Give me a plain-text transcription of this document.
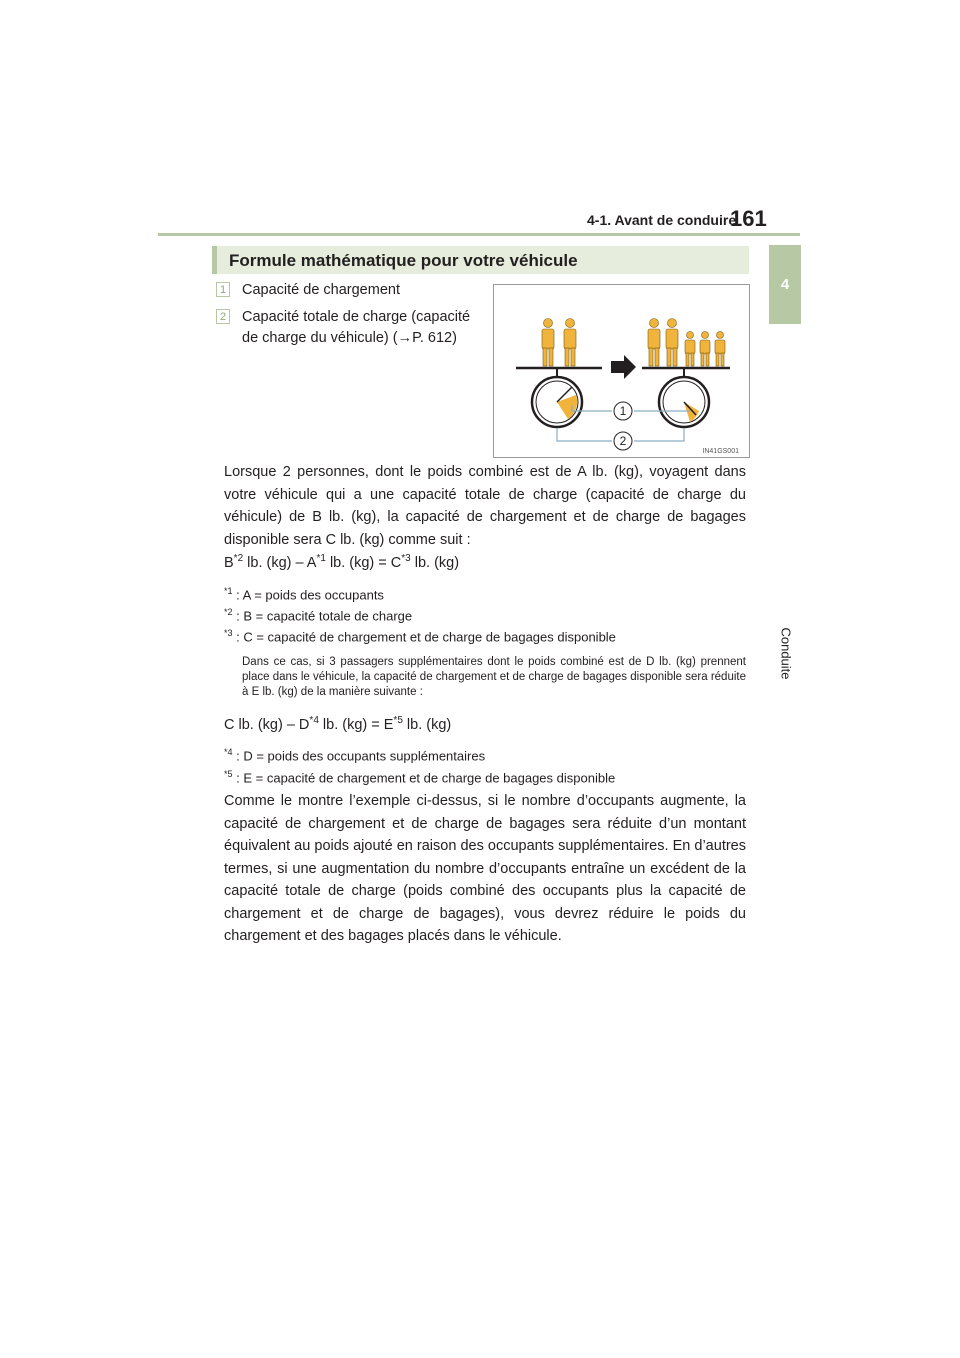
4-1. Avant de conduire
161
4
Conduite
Formule mathématique pour votre véhicule
1 Capacité de chargement
2 Capacité totale de charge (capacité
de charge du véhicule) (→P. 612)
1
2
IN41GS001
Lorsque 2 personnes, dont le poids combiné est de A lb. (kg), voyagent dans votre véhicule qui a une capacité totale de charge (capacité de charge du véhicule) de B lb. (kg), la capacité de chargement et de charge de bagages disponible sera C lb. (kg) comme suit :
$B^{*2}$ lb. $(kg) - A^{*1}$ lb. $(kg) = C^{*3}$ lb. (kg)
$^{*1}$ : A = poids des occupants
$^{*2}$ : B = capacité totale de charge
$^{*3}$ : C = capacité de chargement et de charge de bagages disponible
Dans ce cas, si 3 passagers supplémentaires dont le poids combiné est de D lb. (kg) prennent place dans le véhicule, la capacité de chargement et de charge de bagages disponible sera réduite à E lb. (kg) de la manière suivante :
C lb. $(kg) - D^{*4}$ lb. $(kg) = E^{*5}$ lb. (kg)
$^{*4}$ : D = poids des occupants supplémentaires
$^{*5}$ : E = capacité de chargement et de charge de bagages disponible
Comme le montre l’exemple ci-dessus, si le nombre d’occupants augmente, la capacité de chargement et de charge de bagages sera réduite d’un montant équivalent au poids ajouté en raison des occupants supplémentaires. En d’autres termes, si une augmentation du nombre d’occupants entraîne un excédent de la capacité totale de charge (poids combiné des occupants plus la capacité de chargement et de charge de bagages), vous devrez réduire le poids du chargement et des bagages placés dans le véhicule.
